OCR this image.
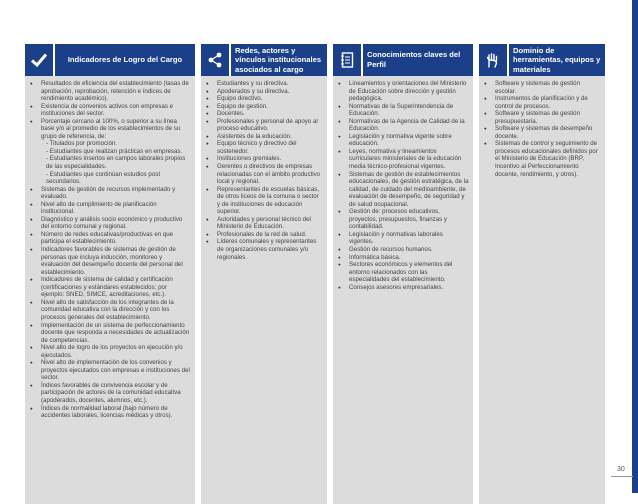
Indicadores de Logro del Cargo
● Resultados de eficiencia del establecimiento (tasas de aprobación, reprobación, retención e índices de rendimiento académico).
● Existencia de convenios activos con empresas e instituciones del sector.
● Porcentaje cercano al 100%, o superior a su línea base y/o al promedio de los establecimientos de su grupo de referencia, de:
- Titulados por promoción.
- Estudiantes que realizan prácticas en empresas.
- Estudiantes insertos en campos laborales propios de las especialidades.
- Estudiantes que continúan estudios post secundarios.
● Sistemas de gestión de recursos implementado y evaluado.
● Nivel alto de cumplimiento de planificación institucional.
● Diagnóstico y análisis socio económico y productivo del entorno comunal y regional.
● Número de redes educativas/productivas en que participa el establecimiento.
● Indicadores favorables de sistemas de gestión de personas que incluya inducción, monitoreo y evaluación del desempeño docente del personal del establecimiento.
● Indicadores de sistema de calidad y certificación (certificaciones y estándares establecidos; por ejemplo: SNED, SIMCE, acreditaciones, etc.).
● Nivel alto de satisfacción de los integrantes de la comunidad educativa con la dirección y con los procesos generales del establecimiento.
● Implementación de un sistema de perfeccionamiento docente que responda a necesidades de actualización de competencias.
● Nivel alto de logro de los proyectos en ejecución y/o ejecutados.
● Nivel alto de implementación de los convenios y proyectos ejecutados con empresas e instituciones del sector.
● Índices favorables de convivencia escolar y de participación de actores de la comunidad educativa (apoderados, docentes, alumnos, etc.).
● Índices de normalidad laboral (bajo número de accidentes laborales, licencias médicas y otros).
Redes, actores y vínculos institucionales asociados al cargo
● Estudiantes y su directiva.
● Apoderados y su directiva.
● Equipo directivo.
● Equipo de gestión.
● Docentes.
● Profesionales y personal de apoyo al proceso educativo.
● Asistentes de la educación.
● Equipo técnico y directivo del sostenedor.
● Instituciones gremiales.
● Gerentes o directivos de empresas relacionadas con el ámbito productivo local y regional.
● Representantes de escuelas básicas, de otros liceos de la comuna o sector y de instituciones de educación superior.
● Autoridades y personal técnico del Ministerio de Educación.
● Profesionales de la red de salud.
● Líderes comunales y representantes de organizaciones comunales y/o regionales.
Conocimientos claves del Perfil
● Lineamientos y orientaciones del Ministerio de Educación sobre dirección y gestión pedagógica.
● Normativas de la Superintendencia de Educación.
● Normativas de la Agencia de Calidad de la Educación.
● Legislación y normativa vigente sobre educación.
● Leyes, normativa y lineamientos curriculares ministeriales de la educación media técnico-profesional vigentes.
● Sistemas de gestión de establecimientos educacionales, de gestión estratégica, de la calidad, de cuidado del medioambiente, de evaluación de desempeño, de seguridad y de salud ocupacional.
● Gestión de: procesos educativos, proyectos, presupuestos, finanzas y contabilidad.
● Legislación y normativas laborales vigentes.
● Gestión de recursos humanos.
● Informática básica.
● Sectores económicos y elementos del entorno relacionados con las especialidades del establecimiento.
● Consejos asesores empresariales.
Dominio de herramientas, equipos y materiales
● Software y sistemas de gestión escolar.
● Instrumentos de planificación y de control de procesos.
● Software y sistemas de gestión presupuestaria.
● Software y sistemas de desempeño docente.
● Sistemas de control y seguimiento de procesos educacionales definidos por el Ministerio de Educación (BRP, Incentivo al Perfeccionamiento docente, rendimiento, y otros).
30
